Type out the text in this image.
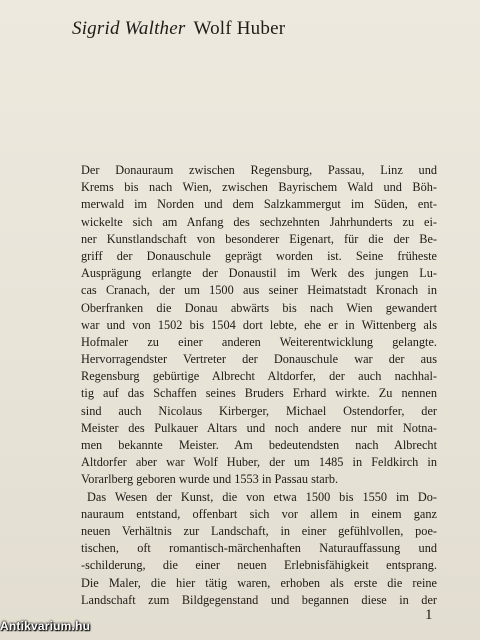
Sigrid Walther Wolf Huber
Der Donauraum zwischen Regensburg, Passau, Linz und
Krems bis nach Wien, zwischen Bayrischem Wald und Böh-
merwald im Norden und dem Salzkammergut im Süden, ent-
wickelte sich am Anfang des sechzehnten Jahrhunderts zu ei-
ner Kunstlandschaft von besonderer Eigenart, für die der Be-
griff der Donauschule geprägt worden ist. Seine früheste
Ausprägung erlangte der Donaustil im Werk des jungen Lu-
cas Cranach, der um 1500 aus seiner Heimatstadt Kronach in
Oberfranken die Donau abwärts bis nach Wien gewandert
war und von 1502 bis 1504 dort lebte, ehe er in Wittenberg als
Hofmaler zu einer anderen Weiterentwicklung gelangte.
Hervorragendster Vertreter der Donauschule war der aus
Regensburg gebürtige Albrecht Altdorfer, der auch nachhal-
tig auf das Schaffen seines Bruders Erhard wirkte. Zu nennen
sind auch Nicolaus Kirberger, Michael Ostendorfer, der
Meister des Pulkauer Altars und noch andere nur mit Notna-
men bekannte Meister. Am bedeutendsten nach Albrecht
Altdorfer aber war Wolf Huber, der um 1485 in Feldkirch in
Vorarlberg geboren wurde und 1553 in Passau starb.
Das Wesen der Kunst, die von etwa 1500 bis 1550 im Do-
nauraum entstand, offenbart sich vor allem in einem ganz
neuen Verhältnis zur Landschaft, in einer gefühlvollen, poe-
tischen, oft romantisch-märchenhaften Naturauffassung und
-schilderung, die einer neuen Erlebnisfähigkeit entsprang.
Die Maler, die hier tätig waren, erhoben als erste die reine
Landschaft zum Bildgegenstand und begannen diese in der
1
Antikvarium.hu
